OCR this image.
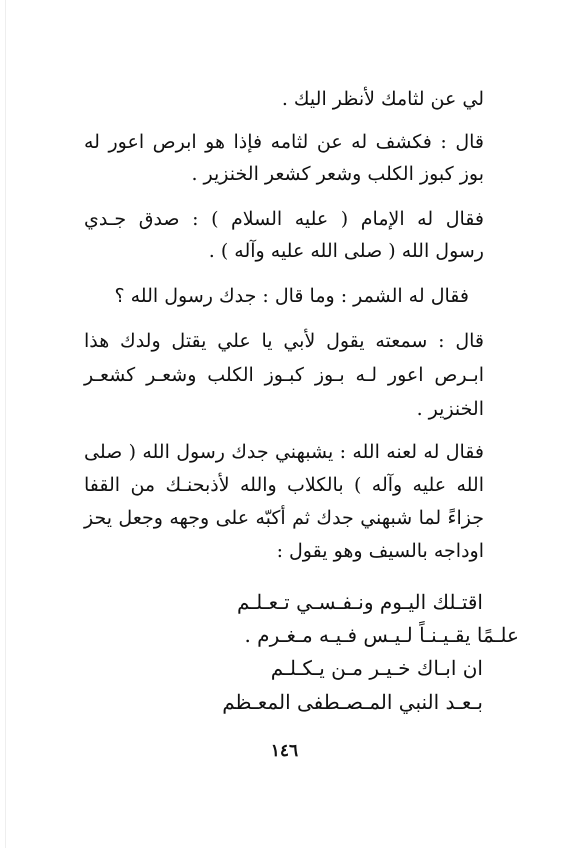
لي عن لثامك لأنظر اليك .
قال : فكشف له عن لثامه فإذا هو ابرص اعور له
بوز كبوز الكلب وشعر كشعر الخنزير .
فقال له الإمام ( عليه السلام ) : صدق جـدي
رسول الله ( صلى الله عليه وآله ) .
فقال له الشمر : وما قال : جدك رسول الله ؟
قال : سمعته يقول لأبي يا علي يقتل ولدك هذا
ابـرص اعور لـه بـوز كبـوز الكلب وشعـر كشعـر
الخنزير .
فقال له لعنه الله : يشبهني جدك رسول الله ( صلى
الله عليه وآله ) بالكلاب والله لأذبحنـك من القفا
جزاءً لما شبهني جدك ثم أكبّه على وجهه وجعل يحز
اوداجه بالسيف وهو يقول :
اقتـلك اليـوم ونـفـسـي تـعـلـم
علـمًا يقـيـنـاً لـيـس فـيـه مـغـرم .
ان ابـاك خـيـر مـن يـكـلـم
بـعـد النبي المـصـطفى المعـظم
١٤٦
